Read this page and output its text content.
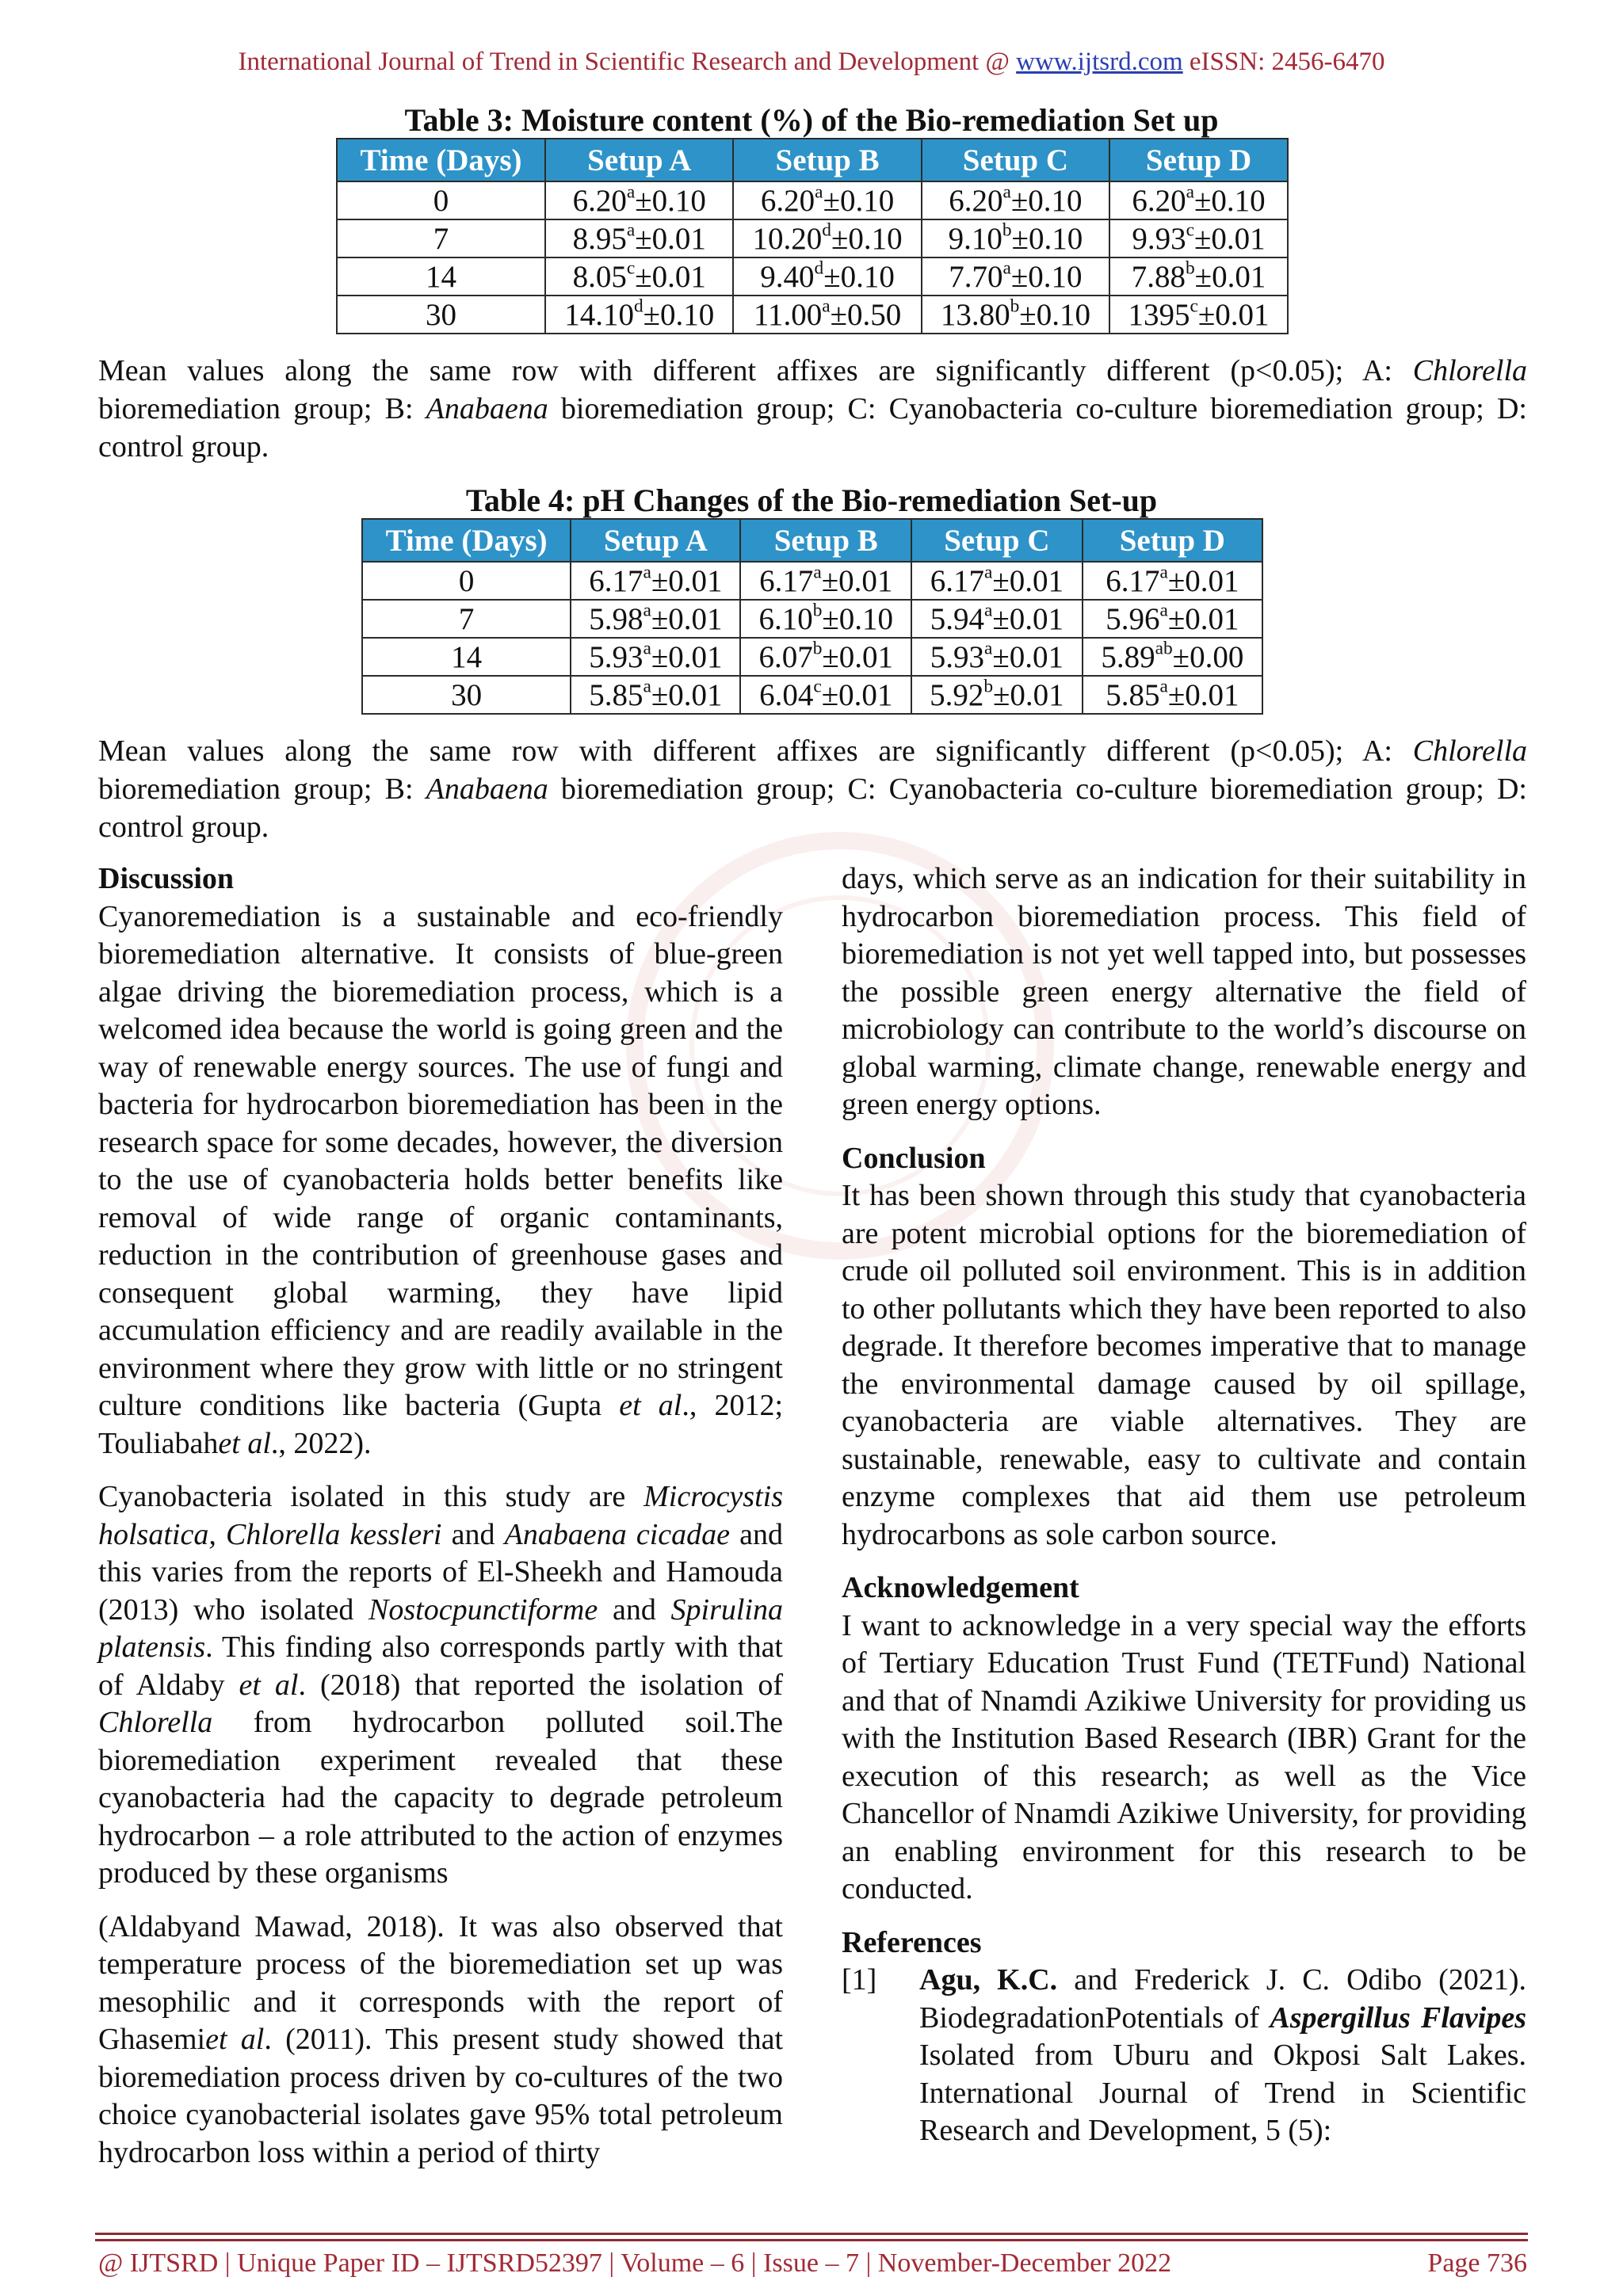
International Journal of Trend in Scientific Research and Development @ www.ijtsrd.com eISSN: 2456-6470
Table 3: Moisture content (%) of the Bio-remediation Set up
Time (Days)	Setup A	Setup B	Setup C	Setup D
0	6.20$^a$±0.10	6.20$^a$±0.10	6.20$^a$±0.10	6.20$^a$±0.10
7	8.95$^a$±0.01	10.20$^d$±0.10	9.10$^b$±0.10	9.93$^c$±0.01
14	8.05$^c$±0.01	9.40$^d$±0.10	7.70$^a$±0.10	7.88$^b$±0.01
30	14.10$^d$±0.10	11.00$^a$±0.50	13.80$^b$±0.10	$1395^c\pm 0.01$
Mean values along the same row with different affixes are significantly different (p<0.05); A: Chlorella bioremediation group; B: Anabaena bioremediation group; C: Cyanobacteria co-culture bioremediation group; D: control group.
Table 4: pH Changes of the Bio-remediation Set-up
Time (Days)	Setup A	Setup B	Setup C	Setup D
0	6.17$^a$±0.01	6.17$^a$±0.01	6.17$^a$±0.01	6.17$^a$±0.01
7	5.98$^a$±0.01	6.10$^b$±0.10	5.94$^a$±0.01	5.96$^a$±0.01
14	5.93$^a$±0.01	6.07$^b$±0.01	5.93$^a$±0.01	5.89$^{ab}$±0.00
30	5.85$^a$±0.01	6.04$^c$±0.01	5.92$^b$±0.01	5.85$^a$±0.01
Mean values along the same row with different affixes are significantly different (p<0.05); A: Chlorella bioremediation group; B: Anabaena bioremediation group; C: Cyanobacteria co-culture bioremediation group; D: control group.

Discussion

Cyanoremediation is a sustainable and eco-friendly bioremediation alternative. It consists of blue-green algae driving the bioremediation process, which is a welcomed idea because the world is going green and the way of renewable energy sources. The use of fungi and bacteria for hydrocarbon bioremediation has been in the research space for some decades, however, the diversion to the use of cyanobacteria holds better benefits like removal of wide range of organic contaminants, reduction in the contribution of greenhouse gases and consequent global warming, they have lipid accumulation efficiency and are readily available in the environment where they grow with little or no stringent culture conditions like bacteria (Gupta et al., 2012; Touliabahet al., 2022).

Cyanobacteria isolated in this study are Microcystis holsatica, Chlorella kessleri and Anabaena cicadae and this varies from the reports of El-Sheekh and Hamouda (2013) who isolated Nostocpunctiforme and Spirulina platensis. This finding also corresponds partly with that of Aldaby et al. (2018) that reported the isolation of Chlorella from hydrocarbon polluted soil.The bioremediation experiment revealed that these cyanobacteria had the capacity to degrade petroleum hydrocarbon – a role attributed to the action of enzymes produced by these organisms

(Aldabyand Mawad, 2018). It was also observed that temperature process of the bioremediation set up was mesophilic and it corresponds with the report of Ghasemiet al. (2011). This present study showed that bioremediation process driven by co-cultures of the two choice cyanobacterial isolates gave 95% total petroleum hydrocarbon loss within a period of thirty

days, which serve as an indication for their suitability in hydrocarbon bioremediation process. This field of bioremediation is not yet well tapped into, but possesses the possible green energy alternative the field of microbiology can contribute to the world’s discourse on global warming, climate change, renewable energy and green energy options.

Conclusion

It has been shown through this study that cyanobacteria are potent microbial options for the bioremediation of crude oil polluted soil environment. This is in addition to other pollutants which they have been reported to also degrade. It therefore becomes imperative that to manage the environmental damage caused by oil spillage, cyanobacteria are viable alternatives. They are sustainable, renewable, easy to cultivate and contain enzyme complexes that aid them use petroleum hydrocarbons as sole carbon source.

Acknowledgement

I want to acknowledge in a very special way the efforts of Tertiary Education Trust Fund (TETFund) National and that of Nnamdi Azikiwe University for providing us with the Institution Based Research (IBR) Grant for the execution of this research; as well as the Vice Chancellor of Nnamdi Azikiwe University, for providing an enabling environment for this research to be conducted.

References

[1]	Agu, K.C. and Frederick J. C. Odibo (2021). BiodegradationPotentials of Aspergillus Flavipes Isolated from Uburu and Okposi Salt Lakes. International Journal of Trend in Scientific Research and Development, 5 (5):
@ IJTSRD | Unique Paper ID – IJTSRD52397 | Volume – 6 | Issue – 7 | November-December 2022	Page 736
